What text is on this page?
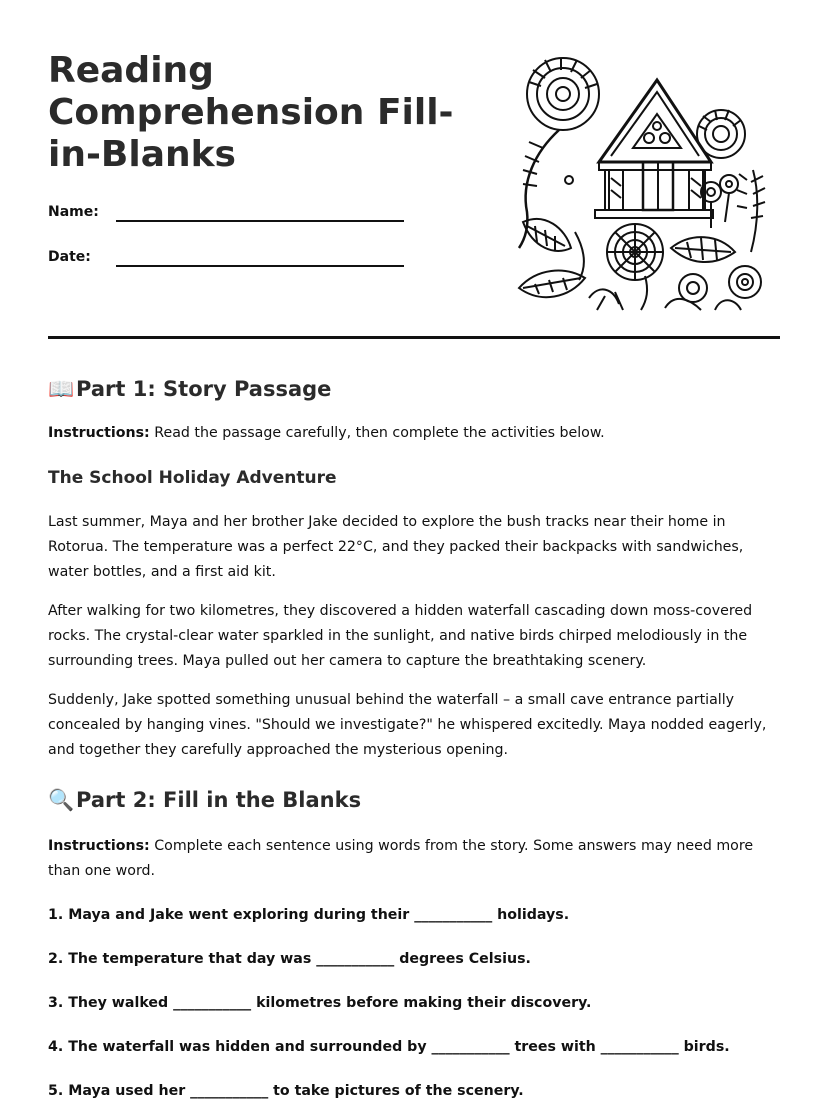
Reading Comprehension Fill-in-Blanks
Name:
Date:
📖Part 1: Story Passage

Instructions: Read the passage carefully, then complete the activities below.

The School Holiday Adventure

Last summer, Maya and her brother Jake decided to explore the bush tracks near their home in Rotorua. The temperature was a perfect 22°C, and they packed their backpacks with sandwiches, water bottles, and a first aid kit.

After walking for two kilometres, they discovered a hidden waterfall cascading down moss-covered rocks. The crystal-clear water sparkled in the sunlight, and native birds chirped melodiously in the surrounding trees. Maya pulled out her camera to capture the breathtaking scenery.

Suddenly, Jake spotted something unusual behind the waterfall – a small cave entrance partially concealed by hanging vines. "Should we investigate?" he whispered excitedly. Maya nodded eagerly, and together they carefully approached the mysterious opening.

🔍Part 2: Fill in the Blanks

Instructions: Complete each sentence using words from the story. Some answers may need more than one word.

1. Maya and Jake went exploring during their ___________ holidays.

2. The temperature that day was ___________ degrees Celsius.

3. They walked ___________ kilometres before making their discovery.

4. The waterfall was hidden and surrounded by ___________ trees with ___________ birds.

5. Maya used her ___________ to take pictures of the scenery.
